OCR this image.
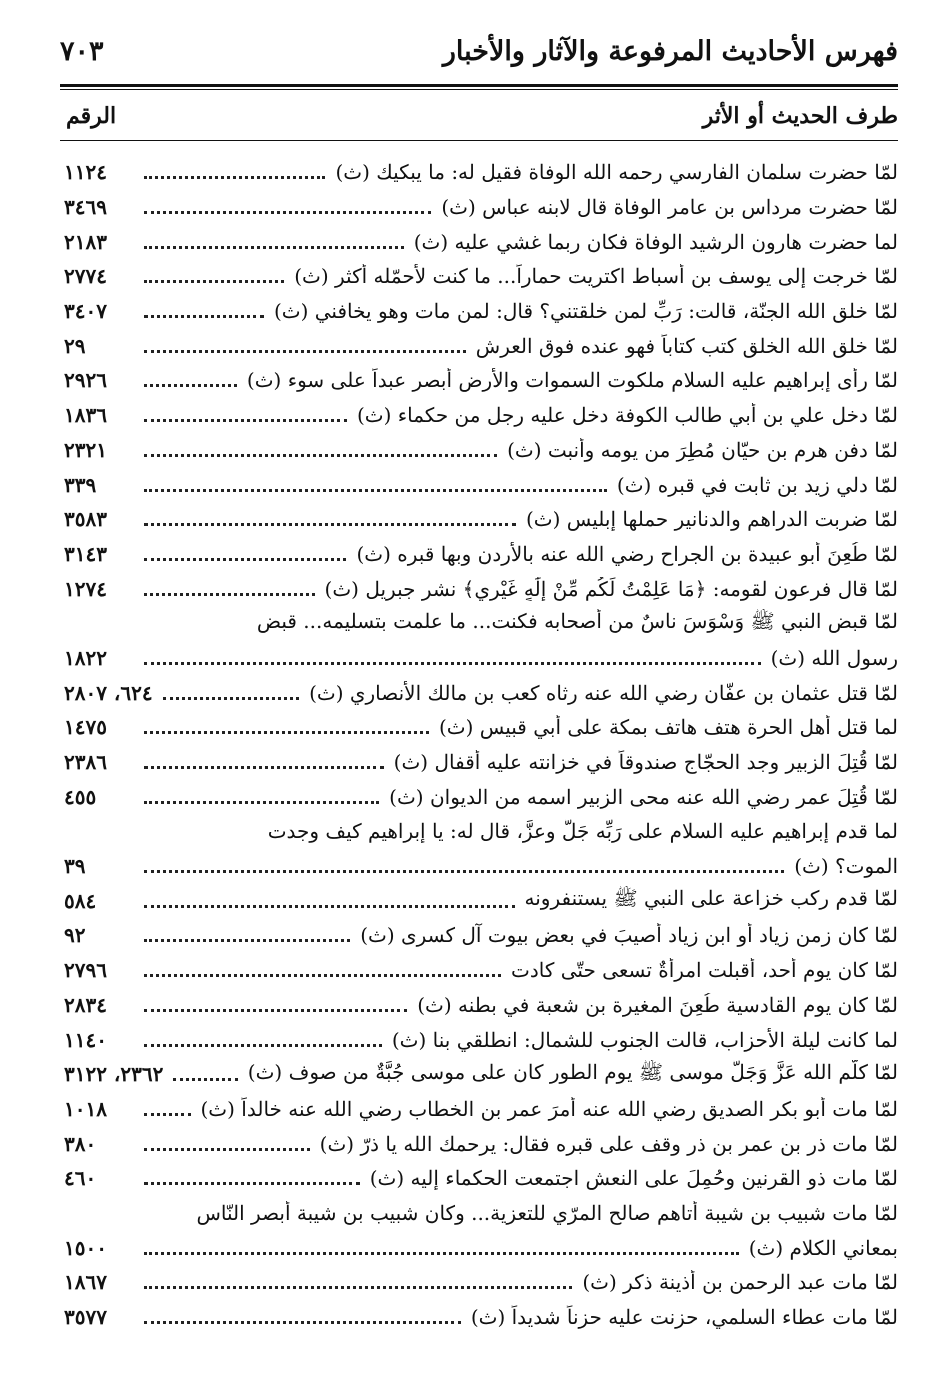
٧٠٣	فهرس الأحاديث المرفوعة والآثار والأخبار
الرقم	طرف الحديث أو الأثر
لمّا حضرت سلمان الفارسي رحمه الله الوفاة فقيل له: ما يبكيك (ث)
١١٢٤
لمّا حضرت مرداس بن عامر الوفاة قال لابنه عباس (ث)
٣٤٦٩
لما حضرت هارون الرشيد الوفاة فكان ربما غشي عليه (ث)
٢١٨٣
لمّا خرجت إلى يوسف بن أسباط اكتريت حماراً... ما كنت لأحمّله أكثر (ث)
٢٧٧٤
لمّا خلق الله الجنّة، قالت: رَبِّ لمن خلقتني؟ قال: لمن مات وهو يخافني (ث)
٣٤٠٧
لمّا خلق الله الخلق كتب كتاباً فهو عنده فوق العرش
٢٩
لمّا رأى إبراهيم عليه السلام ملكوت السموات والأرض أبصر عبداً على سوء (ث)
٢٩٢٦
لمّا دخل علي بن أبي طالب الكوفة دخل عليه رجل من حكماء (ث)
١٨٣٦
لمّا دفن هرم بن حيّان مُطِرَ من يومه وأنبت (ث)
٢٣٢١
لمّا دلي زيد بن ثابت في قبره (ث)
٣٣٩
لمّا ضربت الدراهم والدنانير حملها إبليس (ث)
٣٥٨٣
لمّا طُعِنَ أبو عبيدة بن الجراح رضي الله عنه بالأردن وبها قبره (ث)
٣١٤٣
لمّا قال فرعون لقومه: ﴿مَا عَلِمْتُ لَكُم مِّنْ إِلَٰهٍ غَيْرِي﴾ نشر جبريل (ث)
١٢٧٤
لمّا قبض النبي ﷺ وَسْوَسَ ناسٌ من أصحابه فكنت... ما علمت بتسليمه... قبض
رسول الله (ث)
١٨٢٢
لمّا قتل عثمان بن عفّان رضي الله عنه رثاه كعب بن مالك الأنصاري (ث)
٦٢٤، ٢٨٠٧
لما قتل أهل الحرة هتف هاتف بمكة على أبي قبيس (ث)
١٤٧٥
لمّا قُتِلَ الزبير وجد الحجّاج صندوقاً في خزانته عليه أقفال (ث)
٢٣٨٦
لمّا قُتِلَ عمر رضي الله عنه محى الزبير اسمه من الديوان (ث)
٤٥٥
لما قدم إبراهيم عليه السلام على رَبِّه جَلَّ وعزَّ، قال له: يا إبراهيم كيف وجدت
الموت؟ (ث)
٣٩
لمّا قدم ركب خزاعة على النبي ﷺ يستنفرونه
٥٨٤
لمّا كان زمن زياد أو ابن زياد أُصيبَ في بعض بيوت آل كسرى (ث)
٩٢
لمّا كان يوم أحد، أقبلت امرأةٌ تسعى حتّى كادت
٢٧٩٦
لمّا كان يوم القادسية طُعِنَ المغيرة بن شعبة في بطنه (ث)
٢٨٣٤
لما كانت ليلة الأحزاب، قالت الجنوب للشمال: انطلقي بنا (ث)
١١٤٠
لمّا كلّم الله عَزَّ وَجَلَّ موسى ﷺ يوم الطور كان على موسى جُبَّةٌ من صوف (ث)
٢٣٦٢، ٣١٢٢
لمّا مات أبو بكر الصديق رضي الله عنه أمرَ عمر بن الخطاب رضي الله عنه خالداً (ث)
١٠١٨
لمّا مات ذر بن عمر بن ذر وقف على قبره فقال: يرحمك الله يا ذرّ (ث)
٣٨٠
لمّا مات ذو القرنين وحُمِلَ على النعش اجتمعت الحكماء إليه (ث)
٤٦٠
لمّا مات شبيب بن شيبة أتاهم صالح المرّي للتعزية... وكان شبيب بن شيبة أبصر النّاس
بمعاني الكلام (ث)
١٥٠٠
لمّا مات عبد الرحمن بن أذينة ذكر (ث)
١٨٦٧
لمّا مات عطاء السلمي، حزنت عليه حزناً شديداً (ث)
٣٥٧٧
